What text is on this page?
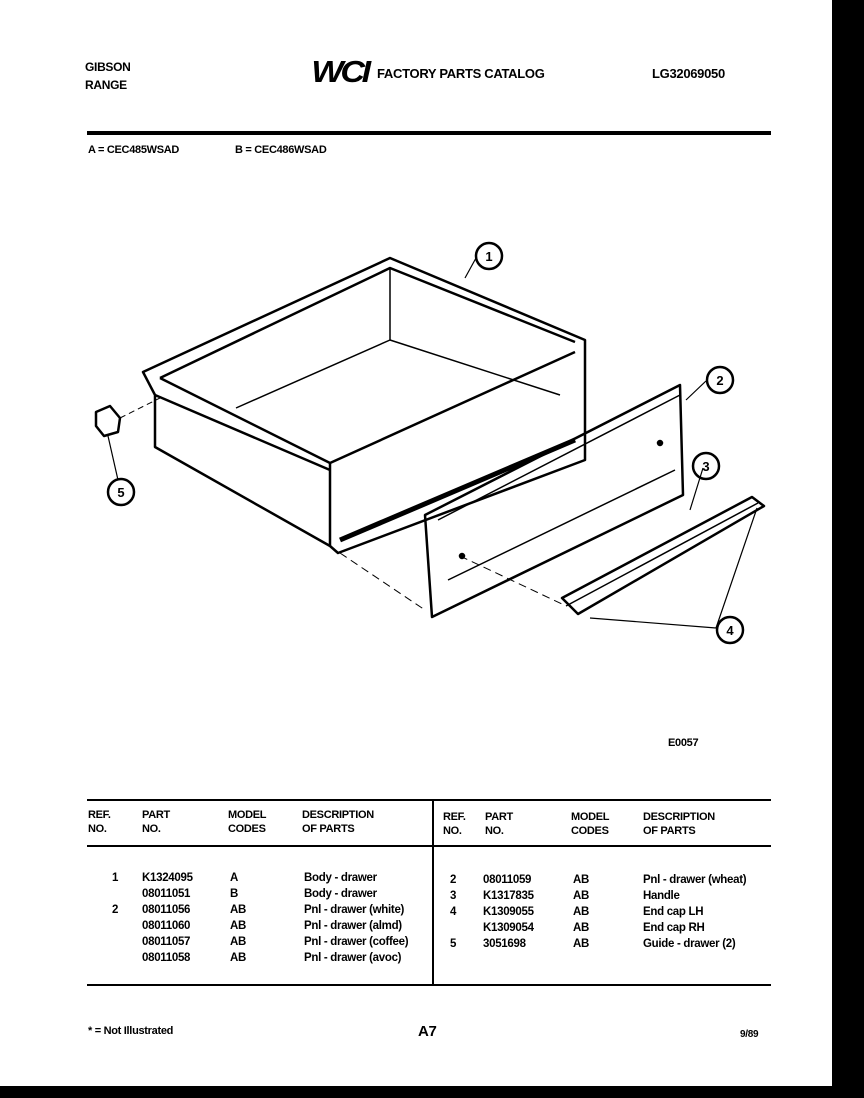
GIBSON
RANGE	WCI FACTORY PARTS CATALOG	LG32069050
A = CEC485WSAD	B = CEC486WSAD
1
2
3
4
5
E0057
REF.
NO.
PART
NO.
MODEL
CODES
DESCRIPTION
OF PARTS
REF.
NO.
PART
NO.
MODEL
CODES
DESCRIPTION
OF PARTS
1 K1324095	A	Body - drawer
08011051	B	Body - drawer
2 08011056	AB	Pnl - drawer (white)
08011060	AB	Pnl - drawer (almd)
08011057	AB	Pnl - drawer (coffee)
08011058	AB	Pnl - drawer (avoc)
2 08011059	AB	Pnl - drawer (wheat)
3 K1317835	AB	Handle
4 K1309055	AB	End cap LH
K1309054	AB	End cap RH
5 3051698	AB	Guide - drawer (2)
* = Not Illustrated	A7	9/89
